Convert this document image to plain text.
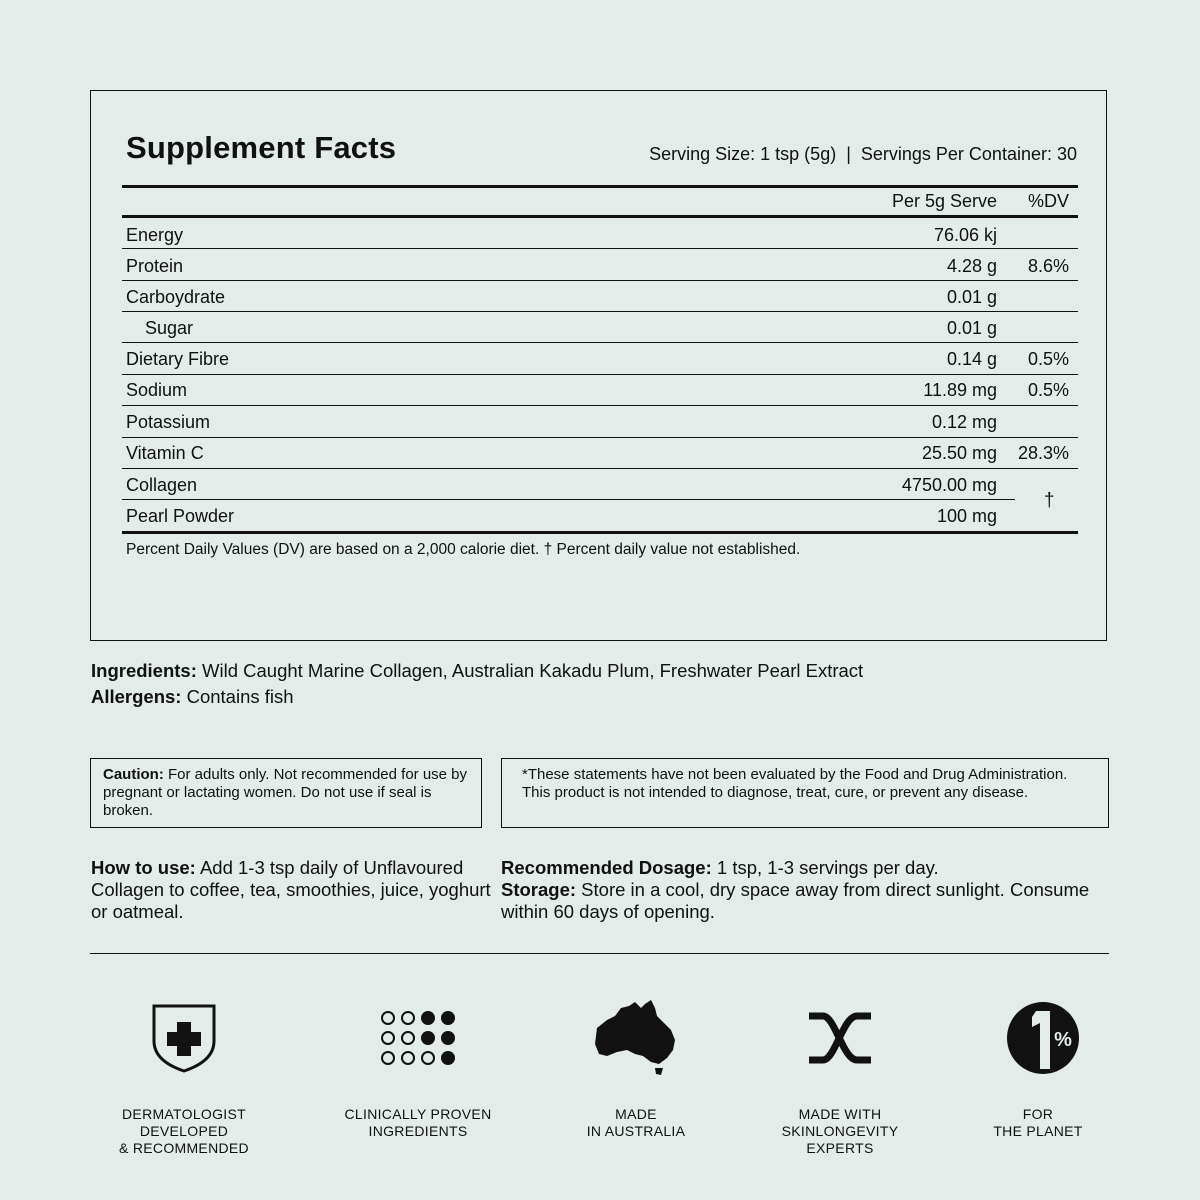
Supplement Facts	Serving Size: 1 tsp (5g)  |  Servings Per Container: 30
Per 5g Serve %DV
Energy	76.06 kj
Protein	4.28 g 8.6%
Carboydrate	0.01 g
Sugar	0.01 g
Dietary Fibre	0.14 g 0.5%
Sodium	11.89 mg 0.5%
Potassium	0.12 mg
Vitamin C	25.50 mg 28.3%
Collagen	4750.00 mg
Pearl Powder	100 mg
†
Percent Daily Values (DV) are based on a 2,000 calorie diet. † Percent daily value not established.
Ingredients: Wild Caught Marine Collagen, Australian Kakadu Plum, Freshwater Pearl Extract
Allergens: Contains fish
Caution: For adults only. Not recommended for use by pregnant or lactating women. Do not use if seal is broken.
*These statements have not been evaluated by the Food and Drug Administration. This product is not intended to diagnose, treat, cure, or prevent any disease.
How to use: Add 1-3 tsp daily of Unflavoured Collagen to coffee, tea, smoothies, juice, yoghurt or oatmeal.
Recommended Dosage: 1 tsp, 1-3 servings per day.
Storage: Store in a cool, dry space away from direct sunlight. Consume within 60 days of opening.
DERMATOLOGIST
DEVELOPED
& RECOMMENDED
CLINICALLY PROVEN
INGREDIENTS
MADE
IN AUSTRALIA
MADE WITH
SKINLONGEVITY
EXPERTS
%
FOR
THE PLANET
